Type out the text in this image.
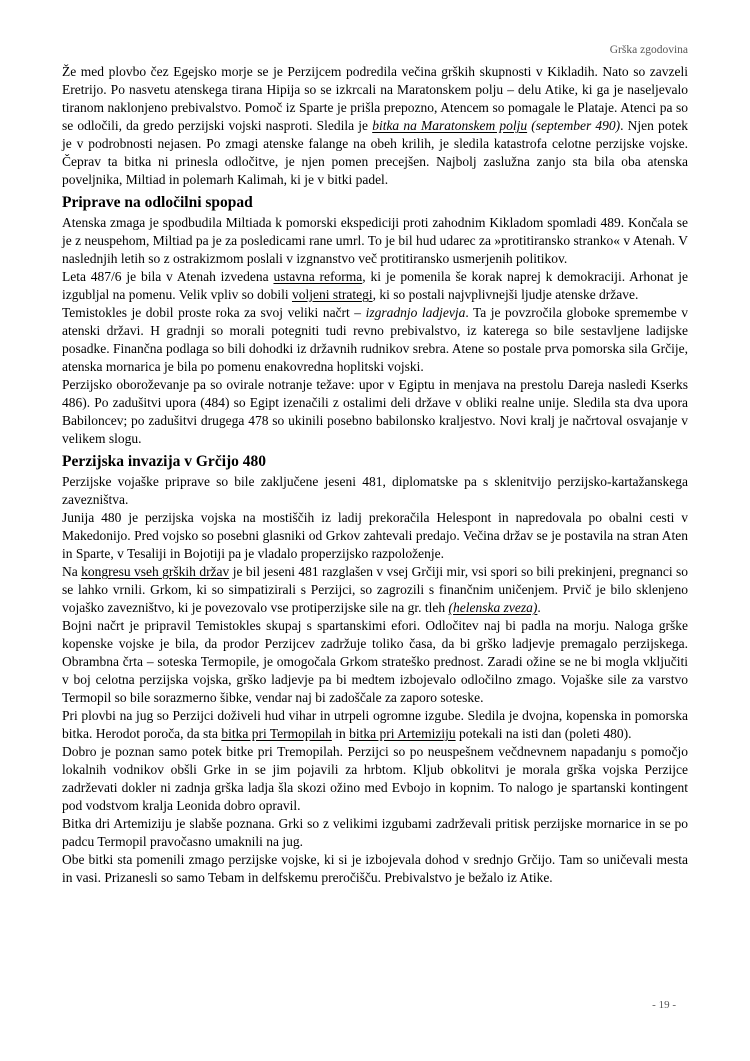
Grška zgodovina

Že med plovbo čez Egejsko morje se je Perzijcem podredila večina grških skupnosti v Kikladih. Nato so zavzeli Eretrijo. Po nasvetu atenskega tirana Hipija so se izkrcali na Maratonskem polju – delu Atike, ki ga je naseljevalo tiranom naklonjeno prebivalstvo. Pomoč iz Sparte je prišla prepozno, Atencem so pomagale le Plataje. Atenci pa so se odločili, da gredo perzijski vojski nasproti. Sledila je bitka na Maratonskem polju (september 490). Njen potek je v podrobnosti nejasen. Po zmagi atenske falange na obeh krilih, je sledila katastrofa celotne perzijske vojske. Čeprav ta bitka ni prinesla odločitve, je njen pomen precejšen. Najbolj zaslužna zanjo sta bila oba atenska poveljnika, Miltiad in polemarh Kalimah, ki je v bitki padel.

Priprave na odločilni spopad

Atenska zmaga je spodbudila Miltiada k pomorski ekspediciji proti zahodnim Kikladom spomladi 489. Končala se je z neuspehom, Miltiad pa je za posledicami rane umrl. To je bil hud udarec za »protitiransko stranko« v Atenah. V naslednjih letih so z ostrakizmom poslali v izgnanstvo več protitiransko usmerjenih politikov.

Leta 487/6 je bila v Atenah izvedena ustavna reforma, ki je pomenila še korak naprej k demokraciji. Arhonat je izgubljal na pomenu. Velik vpliv so dobili voljeni strategi, ki so postali najvplivnejši ljudje atenske države.

Temistokles je dobil proste roka za svoj veliki načrt – izgradnjo ladjevja. Ta je povzročila globoke spremembe v atenski državi. H gradnji so morali potegniti tudi revno prebivalstvo, iz katerega so bile sestavljene ladijske posadke. Finančna podlaga so bili dohodki iz državnih rudnikov srebra. Atene so postale prva pomorska sila Grčije, atenska mornarica je bila po pomenu enakovredna hoplitski vojski.

Perzijsko oboroževanje pa so ovirale notranje težave: upor v Egiptu in menjava na prestolu Dareja nasledi Kserks 486). Po zadušitvi upora (484) so Egipt izenačili z ostalimi deli države v obliki realne unije. Sledila sta dva upora Babiloncev; po zadušitvi drugega 478 so ukinili posebno babilonsko kraljestvo. Novi kralj je načrtoval osvajanje v velikem slogu.

Perzijska invazija v Grčijo 480

Perzijske vojaške priprave so bile zaključene jeseni 481, diplomatske pa s sklenitvijo perzijsko-kartažanskega zavezništva.

Junija 480 je perzijska vojska na mostiščih iz ladij prekoračila Helespont in napredovala po obalni cesti v Makedonijo. Pred vojsko so posebni glasniki od Grkov zahtevali predajo. Večina držav se je postavila na stran Aten in Sparte, v Tesaliji in Bojotiji pa je vladalo properzijsko razpoloženje.

Na kongresu vseh grških držav je bil jeseni 481 razglašen v vsej Grčiji mir, vsi spori so bili prekinjeni, pregnanci so se lahko vrnili. Grkom, ki so simpatizirali s Perzijci, so zagrozili s finančnim uničenjem. Prvič je bilo sklenjeno vojaško zavezništvo, ki je povezovalo vse protiperzijske sile na gr. tleh (helenska zveza).

Bojni načrt je pripravil Temistokles skupaj s spartanskimi efori. Odločitev naj bi padla na morju. Naloga grške kopenske vojske je bila, da prodor Perzijcev zadržuje toliko časa, da bi grško ladjevje premagalo perzijskega. Obrambna črta – soteska Termopile, je omogočala Grkom strateško prednost. Zaradi ožine se ne bi mogla vključiti v boj celotna perzijska vojska, grško ladjevje pa bi medtem izbojevalo odločilno zmago. Vojaške sile za varstvo Termopil so bile sorazmerno šibke, vendar naj bi zadoščale za zaporo soteske.

Pri plovbi na jug so Perzijci doživeli hud vihar in utrpeli ogromne izgube. Sledila je dvojna, kopenska in pomorska bitka. Herodot poroča, da sta bitka pri Termopilah in bitka pri Artemiziju potekali na isti dan (poleti 480).

Dobro je poznan samo potek bitke pri Tremopilah. Perzijci so po neuspešnem večdnevnem napadanju s pomočjo lokalnih vodnikov obšli Grke in se jim pojavili za hrbtom. Kljub obkolitvi je morala grška vojska Perzijce zadrževati dokler ni zadnja grška ladja šla skozi ožino med Evbojo in kopnim. To nalogo je spartanski kontingent pod vodstvom kralja Leonida dobro opravil.

Bitka dri Artemiziju je slabše poznana. Grki so z velikimi izgubami zadrževali pritisk perzijske mornarice in se po padcu Termopil pravočasno umaknili na jug.

Obe bitki sta pomenili zmago perzijske vojske, ki si je izbojevala dohod v srednjo Grčijo. Tam so uničevali mesta in vasi. Prizanesli so samo Tebam in delfskemu preročišču. Prebivalstvo je bežalo iz Atike.

- 19 -
